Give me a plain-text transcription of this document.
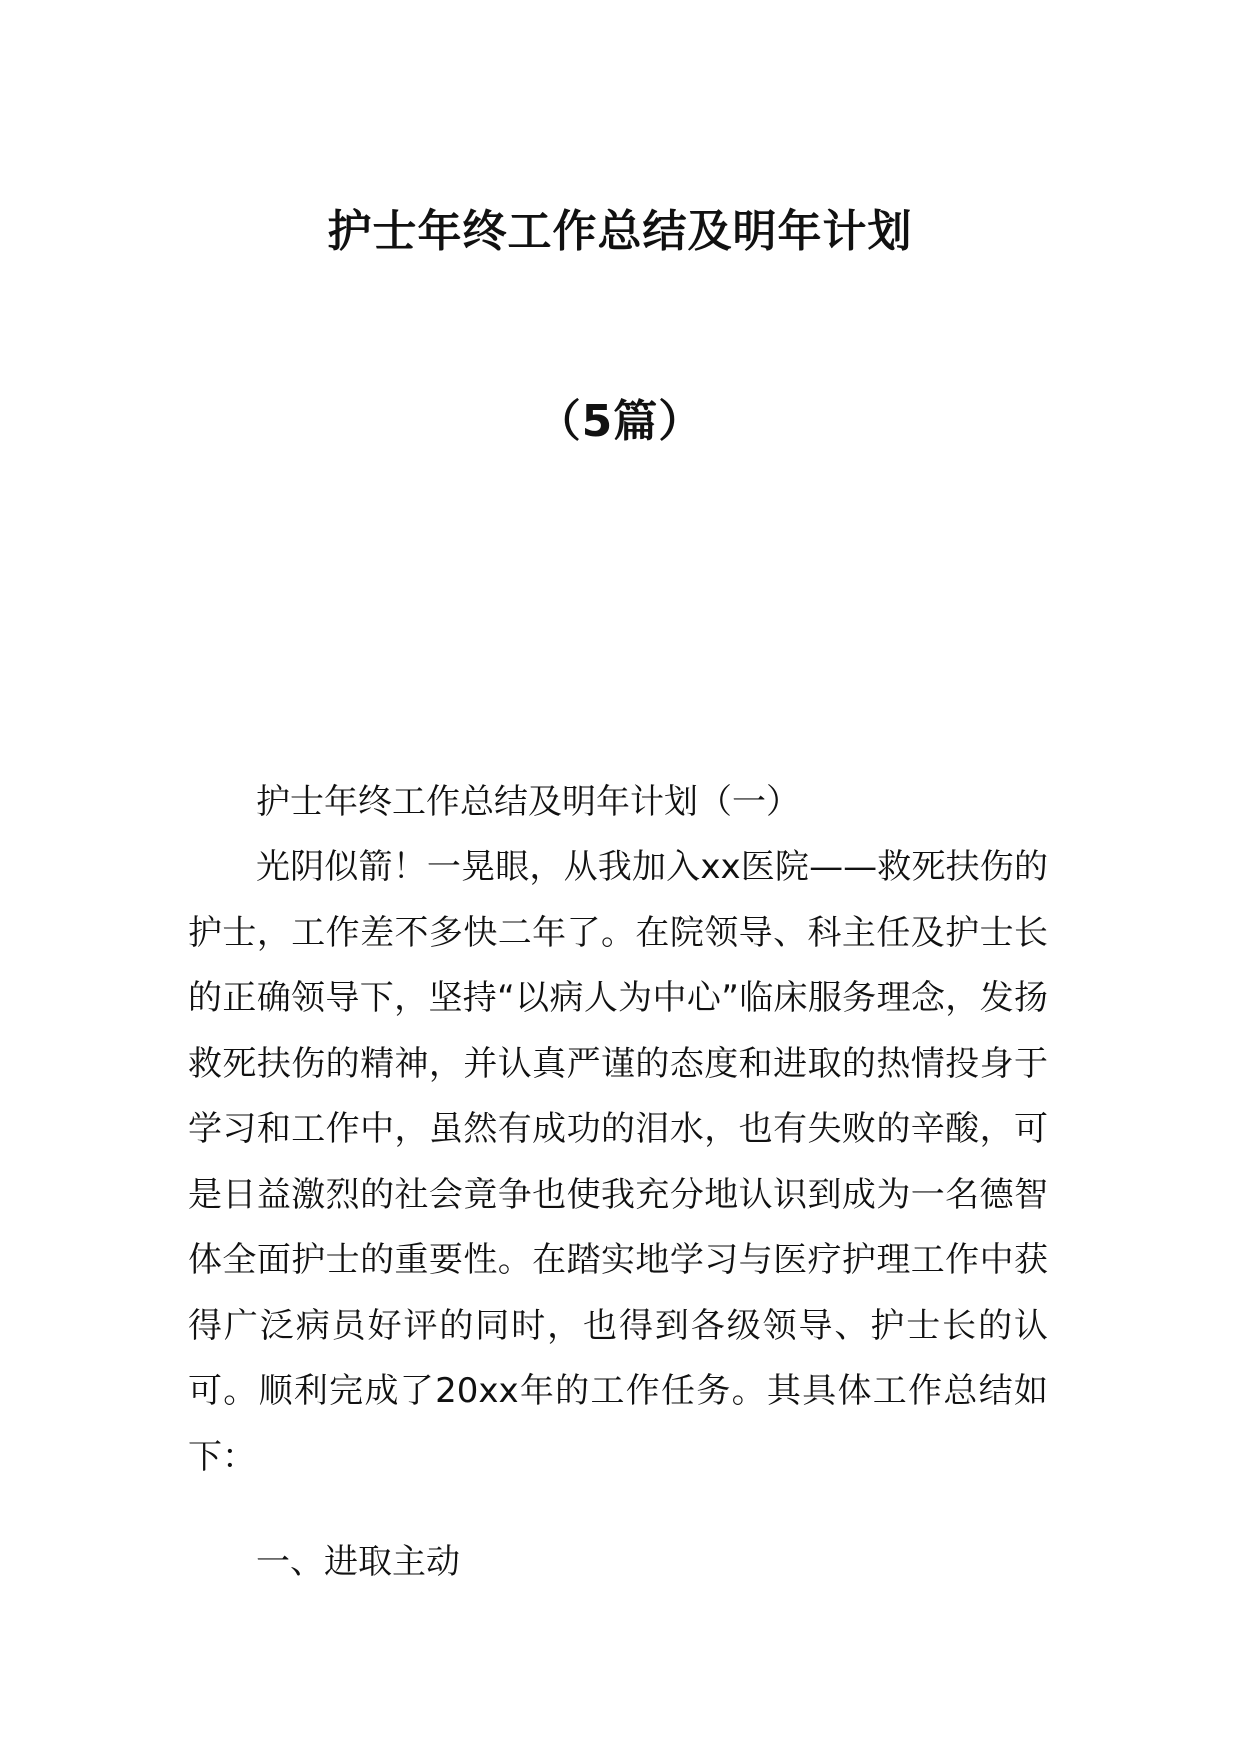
护士年终工作总结及明年计划
（5篇）

护士年终工作总结及明年计划（一）

光阴似箭！一晃眼，从我加入xx医院——救死扶伤的护士，工作差不多快二年了。在院领导、科主任及护士长的正确领导下，坚持“以病人为中心”临床服务理念，发扬救死扶伤的精神，并认真严谨的态度和进取的热情投身于学习和工作中，虽然有成功的泪水，也有失败的辛酸，可是日益激烈的社会竟争也使我充分地认识到成为一名德智体全面护士的重要性。在踏实地学习与医疗护理工作中获得广泛病员好评的同时，也得到各级领导、护士长的认可。顺利完成了20xx年的工作任务。其具体工作总结如下：

一、进取主动
